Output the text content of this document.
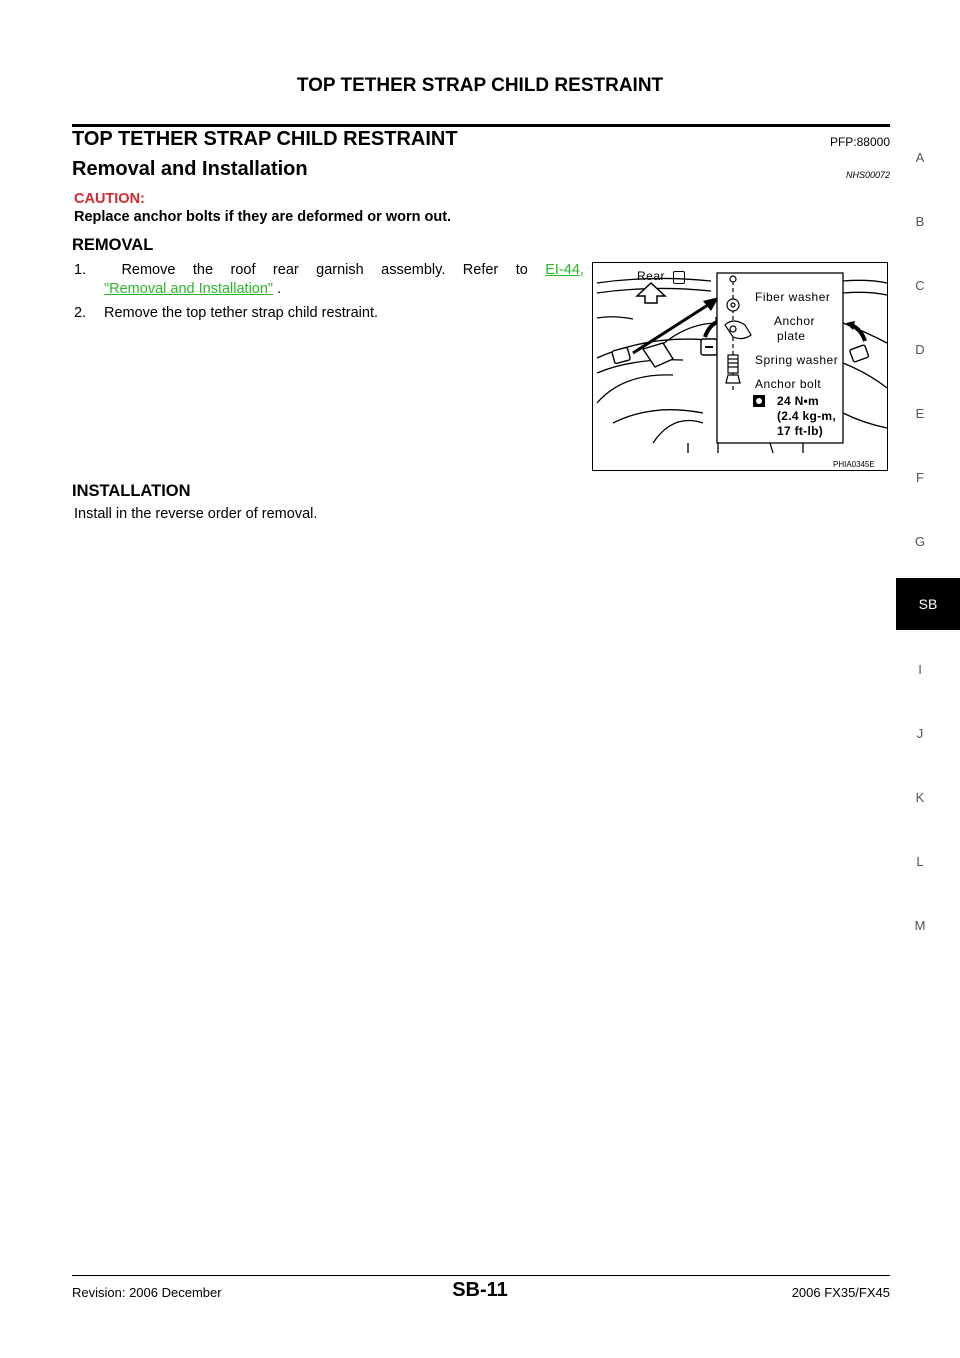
TOP TETHER STRAP CHILD RESTRAINT
TOP TETHER STRAP CHILD RESTRAINT	PFP:88000
Removal and Installation	NHS00072
CAUTION:
Replace anchor bolts if they are deformed or worn out.
REMOVAL
1.	Remove the roof rear garnish assembly. Refer to EI-44,
"Removal and Installation" .
2. Remove the top tether strap child restraint.
Rear
Fiber washer
Anchor
plate
Spring washer
Anchor bolt
24 N•m
(2.4 kg-m,
17 ft-lb)
PHIA0345E
INSTALLATION
Install in the reverse order of removal.
A
B
C
D
E
F
G
SB
I
J
K
L
M
Revision: 2006 December	SB-11	2006 FX35/FX45
